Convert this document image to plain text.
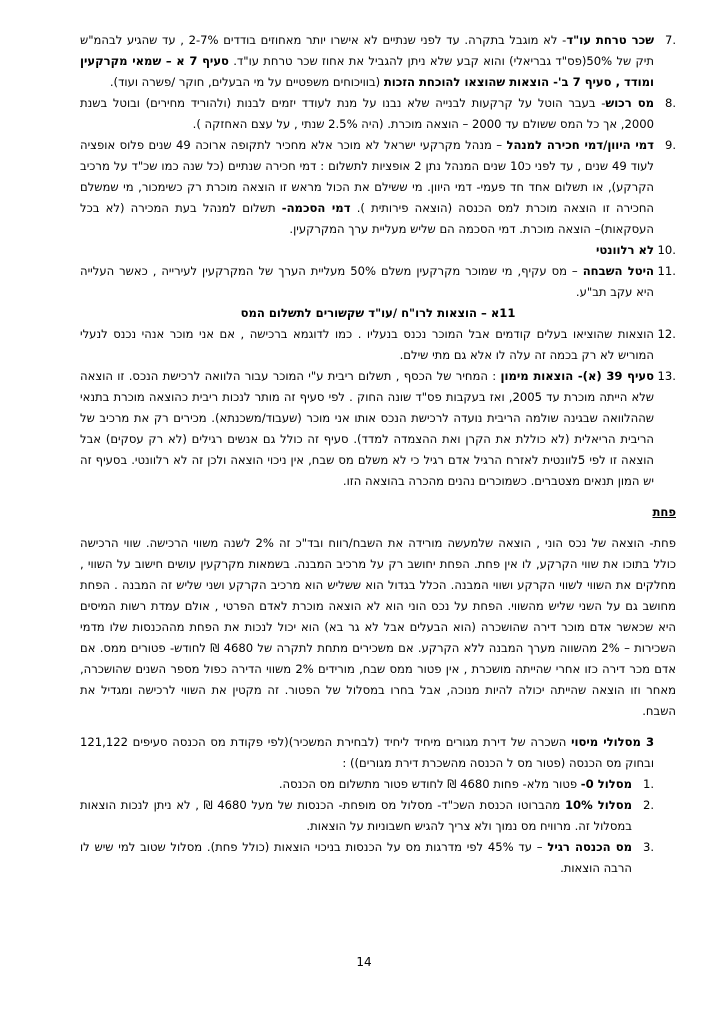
7.
שכר טרחת עו"ד- לא מוגבל בתקרה. עד לפני שנתיים לא אישרו יותר מאחוזים בודדים 2-7% , עד שהגיע לבהמ"ש תיק של 50%(פס"ד גבריאלי) והוא קבע שלא ניתן להגביל את אחוז שכר טרחת עו"ד. סעיף 7 א – שמאי מקרקעין ומודד , סעיף 7 ב'- הוצאות שהוצאו להוכחת הזכות (בוויכוחים משפטיים על מי הבעלים, חוקר /פשרה ועוד).
8.
מס רכוש- בעבר הוטל על קרקעות לבנייה שלא נבנו על מנת לעודד יזמים לבנות (ולהוריד מחירים) ובוטל בשנת 2000, אך כל המס ששולם עד 2000 – הוצאה מוכרת. (היה 2.5% שנתי , על עצם האחזקה ).
9.
דמי היוון/דמי חכירה למנהל – מנהל מקרקעי ישראל לא מוכר אלא מחכיר לתקופה ארוכה 49 שנים פלוס אופציה לעוד 49 שנים , עד לפני כ10 שנים המנהל נתן 2 אופציות לתשלום : דמי חכירה שנתיים (כל שנה כמו שכ"ד על מרכיב הקרקע), או תשלום אחד חד פעמי- דמי היוון. מי ששילם את הכול מראש זו הוצאה מוכרת רק כשימכור, מי שמשלם החכירה זו הוצאה מוכרת למס הכנסה (הוצאה פירותית ). דמי הסכמה- תשלום למנהל בעת המכירה (לא בכל העסקאות)– הוצאה מוכרת. דמי הסכמה הם שליש מעליית ערך המקרקעין.
10.
לא רלוונטי
11.
היטל השבחה – מס עקיף, מי שמוכר מקרקעין משלם 50% מעליית הערך של המקרקעין לעירייה , כאשר העלייה היא עקב תב"ע.
11א – הוצאות לרו"ח /עו"ד שקשורים לתשלום המס
12.
הוצאות שהוציאו בעלים קודמים אבל המוכר נכנס בנעליו . כמו לדוגמא ברכישה , אם אני מוכר אנהי נכנס לנעלי המוריש לא רק בכמה זה עלה לו אלא גם מתי שילם.
13.
סעיף 39 (א)- הוצאות מימון : המחיר של הכסף , תשלום ריבית ע"י המוכר עבור הלוואה לרכישת הנכס. זו הוצאה שלא הייתה מוכרת עד 2005, ואז בעקבות פס"ד שונה החוק . לפי סעיף זה מותר לנכות ריבית כהוצאה מוכרת בתנאי שההלוואה שבגינה שולמה הריבית נועדה לרכישת הנכס אותו אני מוכר (שעבוד/משכנתא). מכירים רק את מרכיב של הריבית הריאלית (לא כוללת את הקרן ואת ההצמדה למדד). סעיף זה כולל גם אנשים רגילים (לא רק עסקים) אבל הוצאה זו לפי 5לוונטית לאזרח הרגיל אדם רגיל כי לא משלם מס שבח, אין ניכוי הוצאה ולכן זה לא רלוונטי. בסעיף זה יש המון תנאים מצטברים. כשמוכרים נהנים מהכרה בהוצאה הזו.
פחת

פחת- הוצאה של נכס הוני , הוצאה שלמעשה מורידה את השבח/רווח ובד"כ זה 2% לשנה משווי הרכישה. שווי הרכישה כולל בתוכו את שווי הקרקע, לו אין פחת. הפחת יחושב רק על מרכיב המבנה. בשמאות מקרקעין עושים חישוב על השווי , מחלקים את השווי לשווי הקרקע ושווי המבנה. הכלל בגדול הוא ששליש הוא מרכיב הקרקע ושני שליש זה המבנה . הפחת מחושב גם על השני שליש מהשווי. הפחת על נכס הוני הוא לא הוצאה מוכרת לאדם הפרטי , אולם עמדת רשות המיסים היא שכאשר אדם מוכר דירה שהושכרה (הוא הבעלים אבל לא גר בא) הוא יכול לנכות את הפחת מההכנסות שלו מדמי השכירות – 2% מהשווה מערך המבנה ללא הקרקע. אם משכירים מתחת לתקרה של 4680 ₪ לחודש- פטורים ממס. אם אדם מכר דירה כזו אחרי שהייתה מושכרת , אין פטור ממס שבח, מורידים 2% משווי הדירה כפול מספר השנים שהושכרה, מאחר וזו הוצאה שהייתה יכולה להיות מנוכה, אבל בחרו במסלול של הפטור. זה מקטין את השווי לרכישה ומגדיל את השבח.

3 מסלולי מיסוי השכרה של דירת מגורים מיחיד ליחיד (לבחירת המשכיר)(לפי פקודת מס הכנסה סעיפים 121,122 ובחוק מס הכנסה (פטור מס ל הכנסה מהשכרת דירת מגורים)) :

1.
מסלול 0- פטור מלא- פחות 4680 ₪ לחודש פטור מתשלום מס הכנסה.
2.
מסלול 10% מהברוטו הכנסת השכ"ד- מסלול מס מופחת- הכנסות של מעל 4680 ₪ , לא ניתן לנכות הוצאות במסלול זה. מרוויח מס נמוך ולא צריך להגיש חשבוניות על הוצאות.
3.
מס הכנסה רגיל – עד 45% לפי מדרגות מס על הכנסות בניכוי הוצאות (כולל פחת). מסלול שטוב למי שיש לו הרבה הוצאות.
14
